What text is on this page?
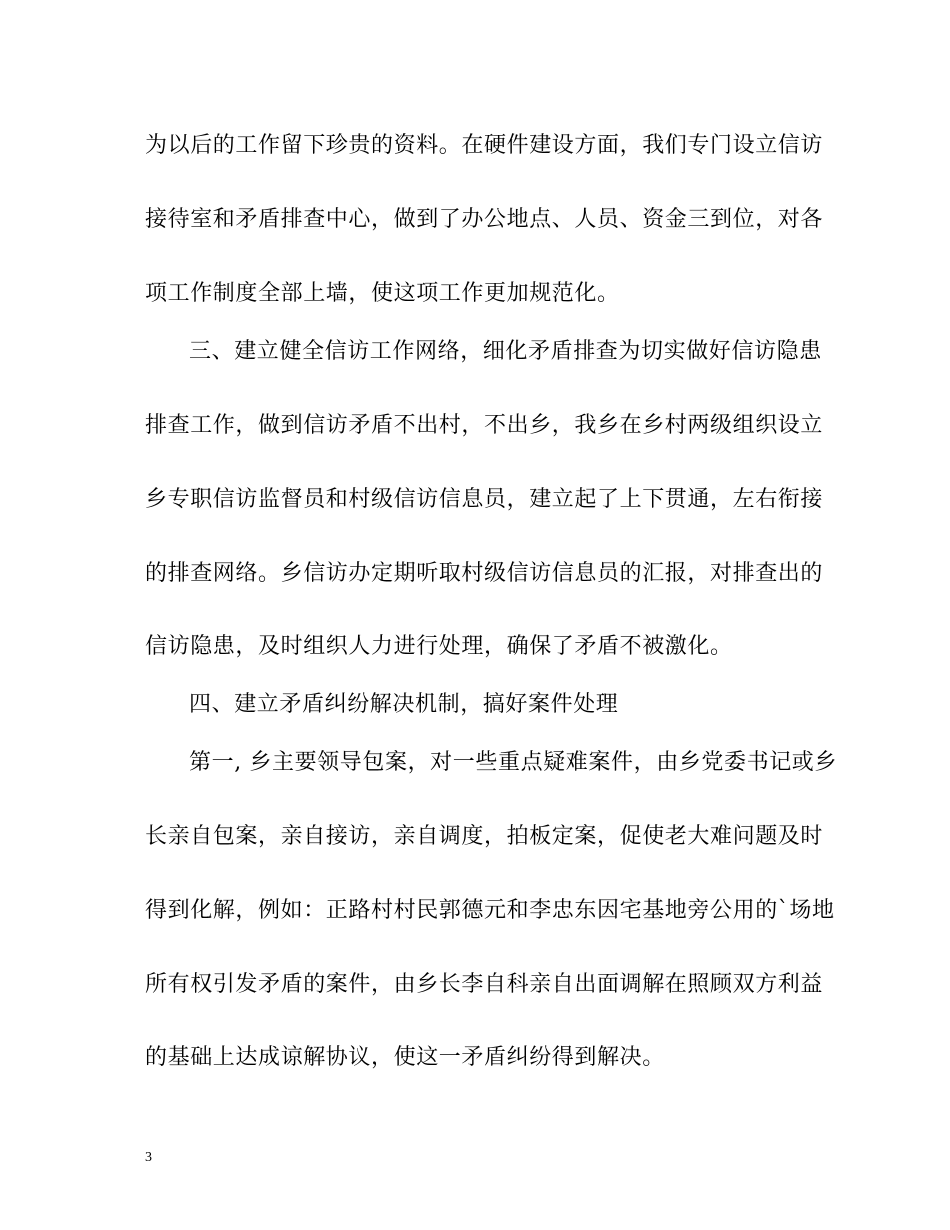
为以后的工作留下珍贵的资料。在硬件建设方面，我们专门设立信访
接待室和矛盾排查中心，做到了办公地点、人员、资金三到位，对各
项工作制度全部上墙，使这项工作更加规范化。
三、建立健全信访工作网络，细化矛盾排查为切实做好信访隐患
排查工作，做到信访矛盾不出村，不出乡，我乡在乡村两级组织设立
乡专职信访监督员和村级信访信息员，建立起了上下贯通，左右衔接
的排查网络。乡信访办定期听取村级信访信息员的汇报，对排查出的
信访隐患，及时组织人力进行处理，确保了矛盾不被激化。
四、建立矛盾纠纷解决机制，搞好案件处理
第一, 乡主要领导包案，对一些重点疑难案件，由乡党委书记或乡
长亲自包案，亲自接访，亲自调度，拍板定案，促使老大难问题及时
得到化解，例如：正路村村民郭德元和李忠东因宅基地旁公用的`场地
所有权引发矛盾的案件，由乡长李自科亲自出面调解在照顾双方利益
的基础上达成谅解协议，使这一矛盾纠纷得到解决。
3
